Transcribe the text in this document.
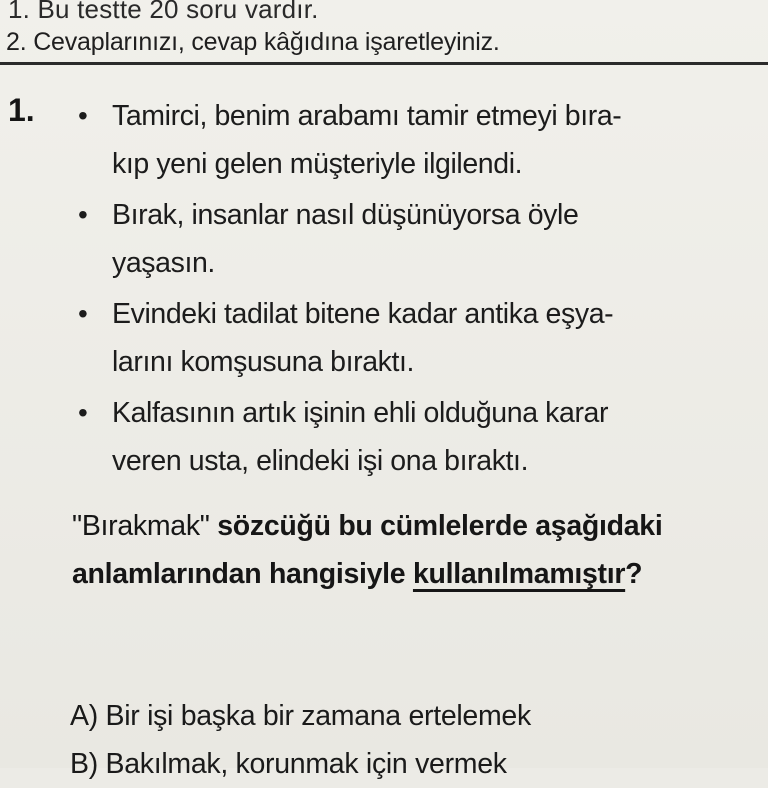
1. Bu testte 20 soru vardır.
2. Cevaplarınızı, cevap kâğıdına işaretleyiniz.
1. • Tamirci, benim arabamı tamir etmeyi bıra-
kıp yeni gelen müşteriyle ilgilendi.
• Bırak, insanlar nasıl düşünüyorsa öyle
yaşasın.
• Evindeki tadilat bitene kadar antika eşya-
larını komşusuna bıraktı.
• Kalfasının artık işinin ehli olduğuna karar
veren usta, elindeki işi ona bıraktı.
"Bırakmak" sözcüğü bu cümlelerde aşağıdaki anlamlarından hangisiyle kullanılmamıştır?
A) Bir işi başka bir zamana ertelemek
B) Bakılmak, korunmak için vermek
